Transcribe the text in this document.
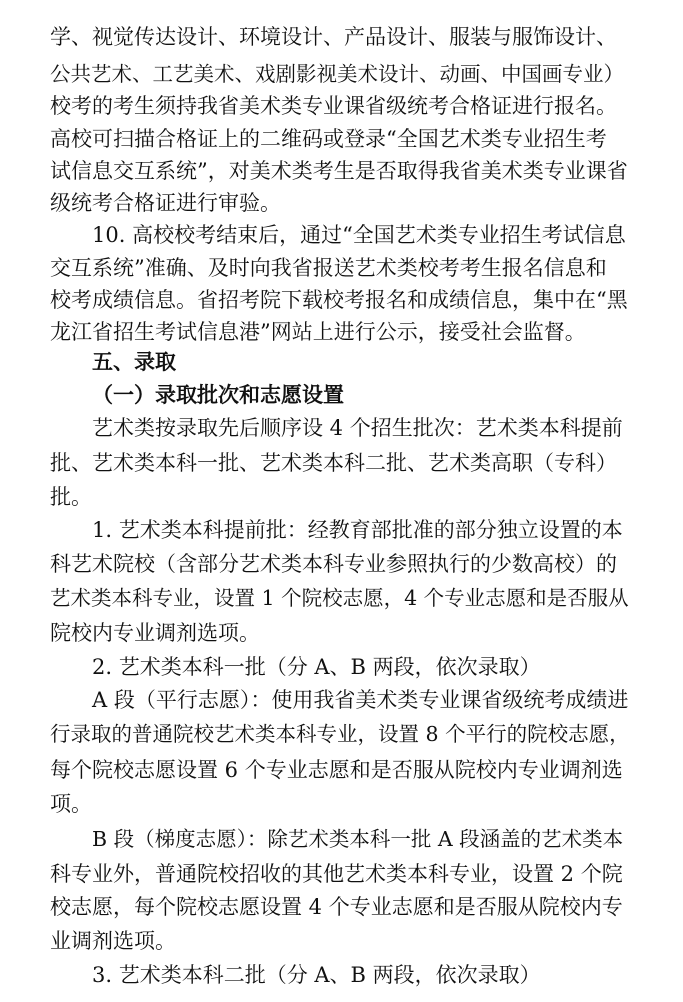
学、视觉传达设计、环境设计、产品设计、服装与服饰设计、
公共艺术、工艺美术、戏剧影视美术设计、动画、中国画专业）
校考的考生须持我省美术类专业课省级统考合格证进行报名。
高校可扫描合格证上的二维码或登录“全国艺术类专业招生考
试信息交互系统”，对美术类考生是否取得我省美术类专业课省
级统考合格证进行审验。
10. 高校校考结束后，通过“全国艺术类专业招生考试信息
交互系统”准确、及时向我省报送艺术类校考考生报名信息和
校考成绩信息。省招考院下载校考报名和成绩信息，集中在“黑
龙江省招生考试信息港”网站上进行公示，接受社会监督。
五、录取
（一）录取批次和志愿设置
艺术类按录取先后顺序设 4 个招生批次：艺术类本科提前
批、艺术类本科一批、艺术类本科二批、艺术类高职（专科）
批。
1. 艺术类本科提前批：经教育部批准的部分独立设置的本
科艺术院校（含部分艺术类本科专业参照执行的少数高校）的
艺术类本科专业，设置 1 个院校志愿，4 个专业志愿和是否服从
院校内专业调剂选项。
2. 艺术类本科一批（分 A、B 两段，依次录取）
A 段（平行志愿）：使用我省美术类专业课省级统考成绩进
行录取的普通院校艺术类本科专业，设置 8 个平行的院校志愿，
每个院校志愿设置 6 个专业志愿和是否服从院校内专业调剂选
项。
B 段（梯度志愿）：除艺术类本科一批 A 段涵盖的艺术类本
科专业外，普通院校招收的其他艺术类本科专业，设置 2 个院
校志愿，每个院校志愿设置 4 个专业志愿和是否服从院校内专
业调剂选项。
3. 艺术类本科二批（分 A、B 两段，依次录取）
